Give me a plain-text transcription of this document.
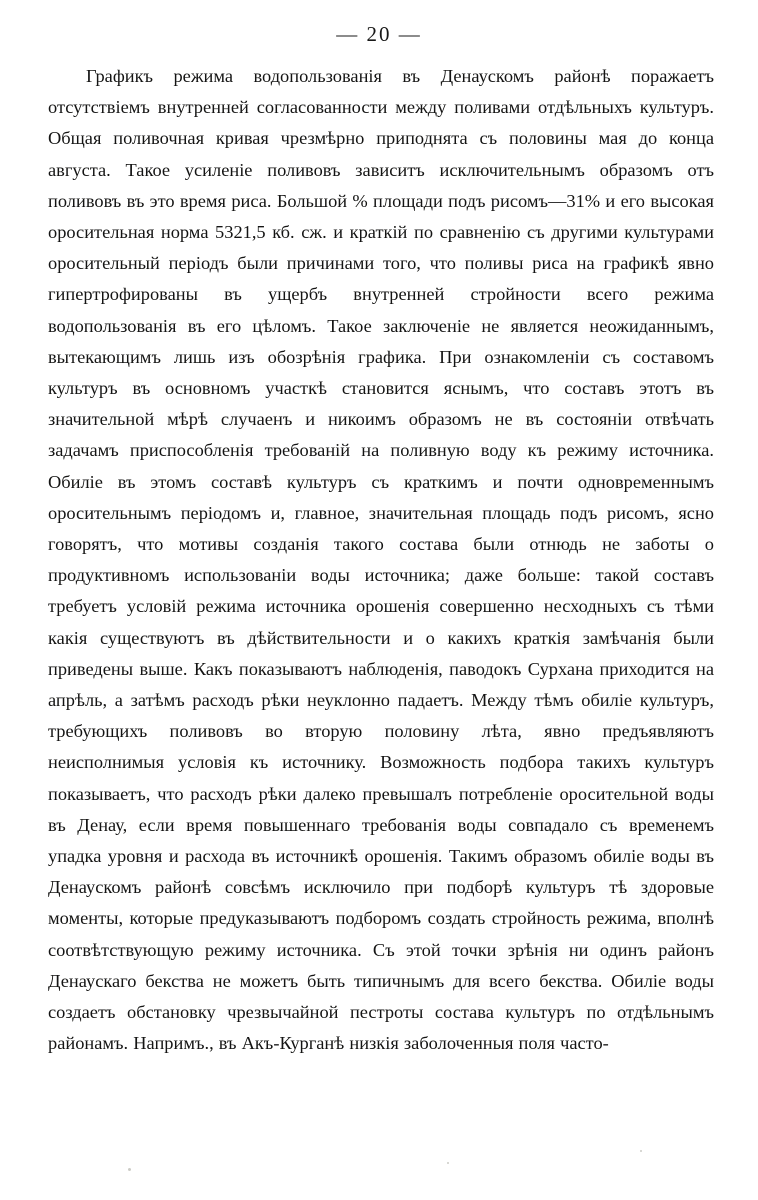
— 20 —

Графикъ режима водопользованія въ Денаускомъ районѣ поражаетъ отсутствіемъ внутренней согласованности между поливами отдѣльныхъ культуръ. Общая поливочная кривая чрезмѣрно приподнята съ половины мая до конца августа. Такое усиленіе поливовъ зависитъ исключительнымъ образомъ отъ поливовъ въ это время риса. Большой % площади подъ рисомъ—31% и его высокая оросительная норма 5321,5 кб. сж. и краткій по сравненію съ другими культурами оросительный періодъ были причинами того, что поливы риса на графикѣ явно гипертрофированы въ ущербъ внутренней стройности всего режима водопользованія въ его цѣломъ. Такое заключеніе не является неожиданнымъ, вытекающимъ лишь изъ обозрѣнія графика. При ознакомленіи съ составомъ культуръ въ основномъ участкѣ становится яснымъ, что составъ этотъ въ значительной мѣрѣ случаенъ и никоимъ образомъ не въ состояніи отвѣчать задачамъ приспособленія требованій на поливную воду къ режиму источника. Обиліе въ этомъ составѣ культуръ съ краткимъ и почти одновременнымъ оросительнымъ періодомъ и, главное, значительная площадь подъ рисомъ, ясно говорятъ, что мотивы созданія такого состава были отнюдь не заботы о продуктивномъ использованіи воды источника; даже больше: такой составъ требуетъ условій режима источника орошенія совершенно несходныхъ съ тѣми какія существуютъ въ дѣйствительности и о какихъ краткія замѣчанія были приведены выше. Какъ показываютъ наблюденія, паводокъ Сурхана приходится на апрѣль, а затѣмъ расходъ рѣки неуклонно падаетъ. Между тѣмъ обиліе культуръ, требующихъ поливовъ во вторую половину лѣта, явно предъявляютъ неисполнимыя условія къ источнику. Возможность подбора такихъ культуръ показываетъ, что расходъ рѣки далеко превышалъ потребленіе оросительной воды въ Денау, если время повышеннаго требованія воды совпадало съ временемъ упадка уровня и расхода въ источникѣ орошенія. Такимъ образомъ обиліе воды въ Денаускомъ районѣ совсѣмъ исключило при подборѣ культуръ тѣ здоровые моменты, которые предуказываютъ подборомъ создать стройность режима, вполнѣ соотвѣтствующую режиму источника. Съ этой точки зрѣнія ни одинъ районъ Денаускаго бекства не можетъ быть типичнымъ для всего бекства. Обиліе воды создаетъ обстановку чрезвычайной пестроты состава культуръ по отдѣльнымъ районамъ. Напримъ., въ Акъ-Курганѣ низкія заболоченныя поля часто-
